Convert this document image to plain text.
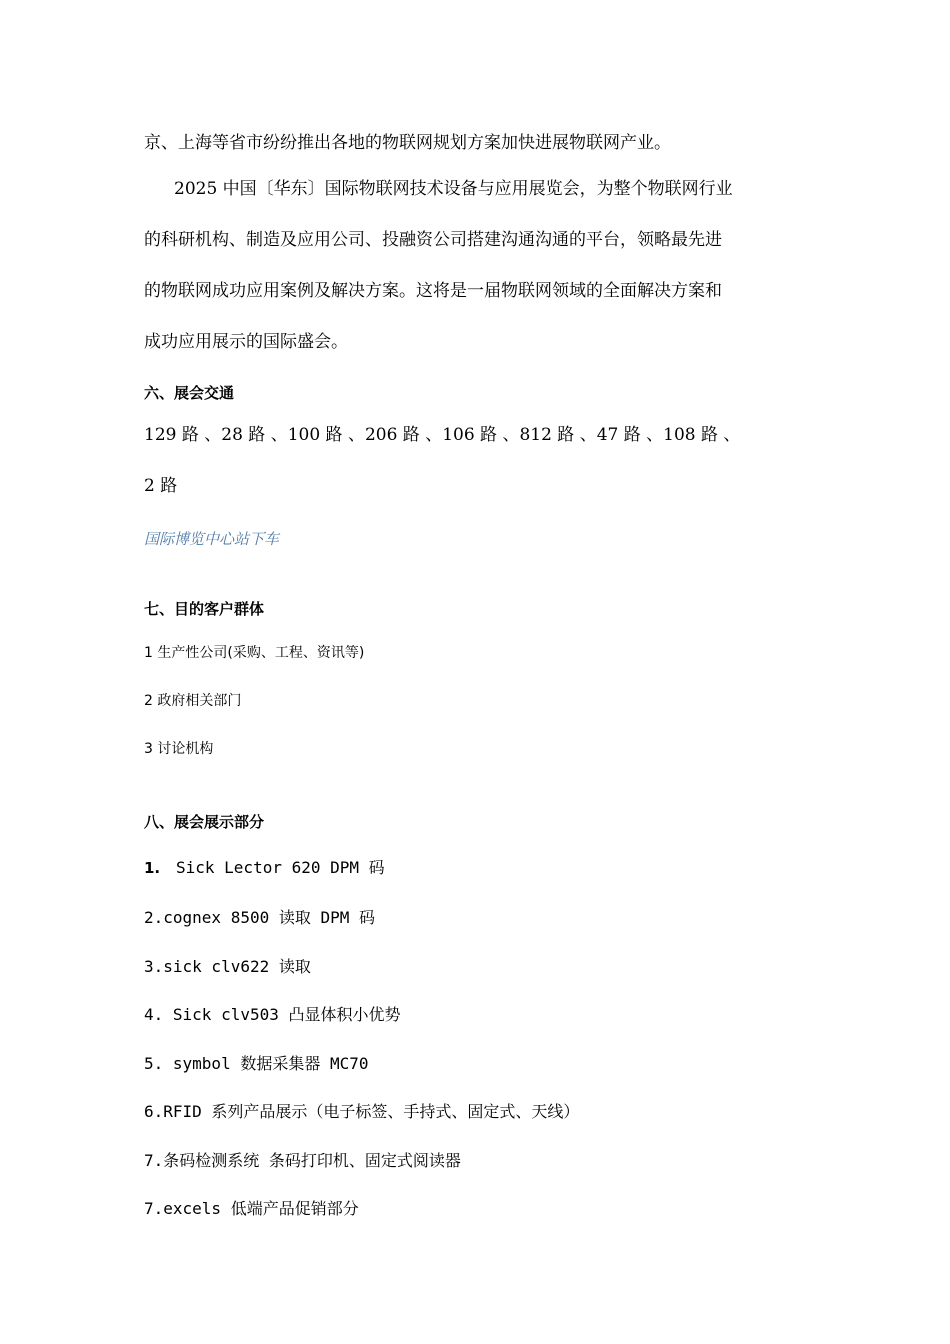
京、上海等省市纷纷推出各地的物联网规划方案加快进展物联网产业。

2025 中国〔华东〕国际物联网技术设备与应用展览会，为整个物联网行业

的科研机构、制造及应用公司、投融资公司搭建沟通沟通的平台，领略最先进

的物联网成功应用案例及解决方案。这将是一届物联网领域的全面解决方案和

成功应用展示的国际盛会。

六、展会交通

129 路 、28 路 、100 路 、206 路 、106 路 、812 路 、47 路 、108 路 、

2 路

国际博览中心站下车

七、目的客户群体

1 生产性公司(采购、工程、资讯等)

2 政府相关部门

3 讨论机构

八、展会展示部分

1. Sick Lector 620 DPM 码

2.cognex 8500 读取 DPM 码

3.sick clv622 读取

4. Sick clv503 凸显体积小优势

5. symbol 数据采集器 MC70

6.RFID 系列产品展示（电子标签、手持式、固定式、天线）

7.条码检测系统 条码打印机、固定式阅读器

7.excels 低端产品促销部分
